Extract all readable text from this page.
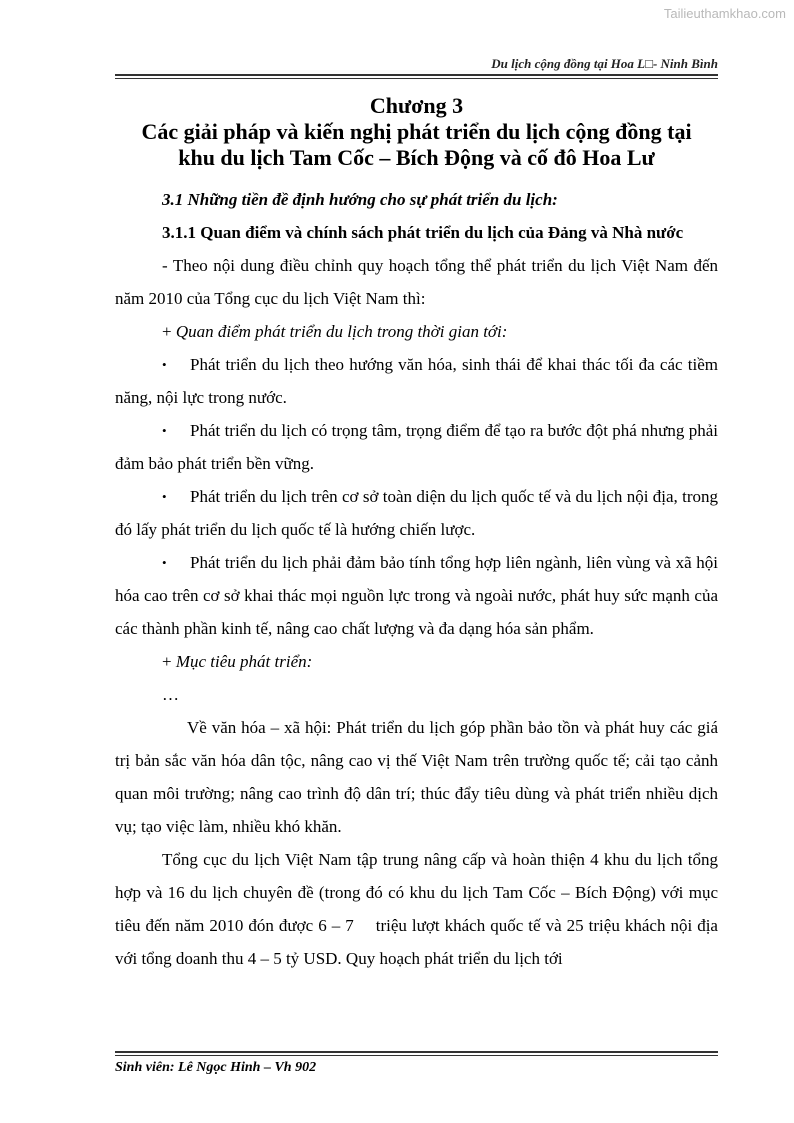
Tailieuthamkhao.com
Du lịch cộng đồng tại Hoa L□- Ninh Bình
Chương 3
Các giải pháp và kiến nghị phát triển du lịch cộng đồng tại
khu du lịch Tam Cốc – Bích Động và cố đô Hoa Lư

3.1 Những tiền đề định hướng cho sự phát triển du lịch:

3.1.1 Quan điểm và chính sách phát triển du lịch của Đảng và Nhà nước

- Theo nội dung điều chỉnh quy hoạch tổng thể phát triển du lịch Việt Nam đến năm 2010 của Tổng cục du lịch Việt Nam thì:

+ Quan điểm phát triển du lịch trong thời gian tới:

• Phát triển du lịch theo hướng văn hóa, sinh thái để khai thác tối đa các tiềm năng, nội lực trong nước.

• Phát triển du lịch có trọng tâm, trọng điểm để tạo ra bước đột phá nhưng phải đảm bảo phát triển bền vững.

• Phát triển du lịch trên cơ sở toàn diện du lịch quốc tế và du lịch nội địa, trong đó lấy phát triển du lịch quốc tế là hướng chiến lược.

• Phát triển du lịch phải đảm bảo tính tổng hợp liên ngành, liên vùng và xã hội hóa cao trên cơ sở khai thác mọi nguồn lực trong và ngoài nước, phát huy sức mạnh của các thành phần kinh tế, nâng cao chất lượng và đa dạng hóa sản phẩm.

+ Mục tiêu phát triển:

…

Về văn hóa – xã hội: Phát triển du lịch góp phần bảo tồn và phát huy các giá trị bản sắc văn hóa dân tộc, nâng cao vị thế Việt Nam trên trường quốc tế; cải tạo cảnh quan môi trường; nâng cao trình độ dân trí; thúc đẩy tiêu dùng và phát triển nhiều dịch vụ; tạo việc làm, nhiều khó khăn.

Tổng cục du lịch Việt Nam tập trung nâng cấp và hoàn thiện 4 khu du lịch tổng hợp và 16 du lịch chuyên đề (trong đó có khu du lịch Tam Cốc – Bích Động) với mục tiêu đến năm 2010 đón được 6 – 7 triệu lượt khách quốc tế và 25 triệu khách nội địa với tổng doanh thu 4 – 5 tỷ USD. Quy hoạch phát triển du lịch tới

Sinh viên: Lê Ngọc Hinh – Vh 902
